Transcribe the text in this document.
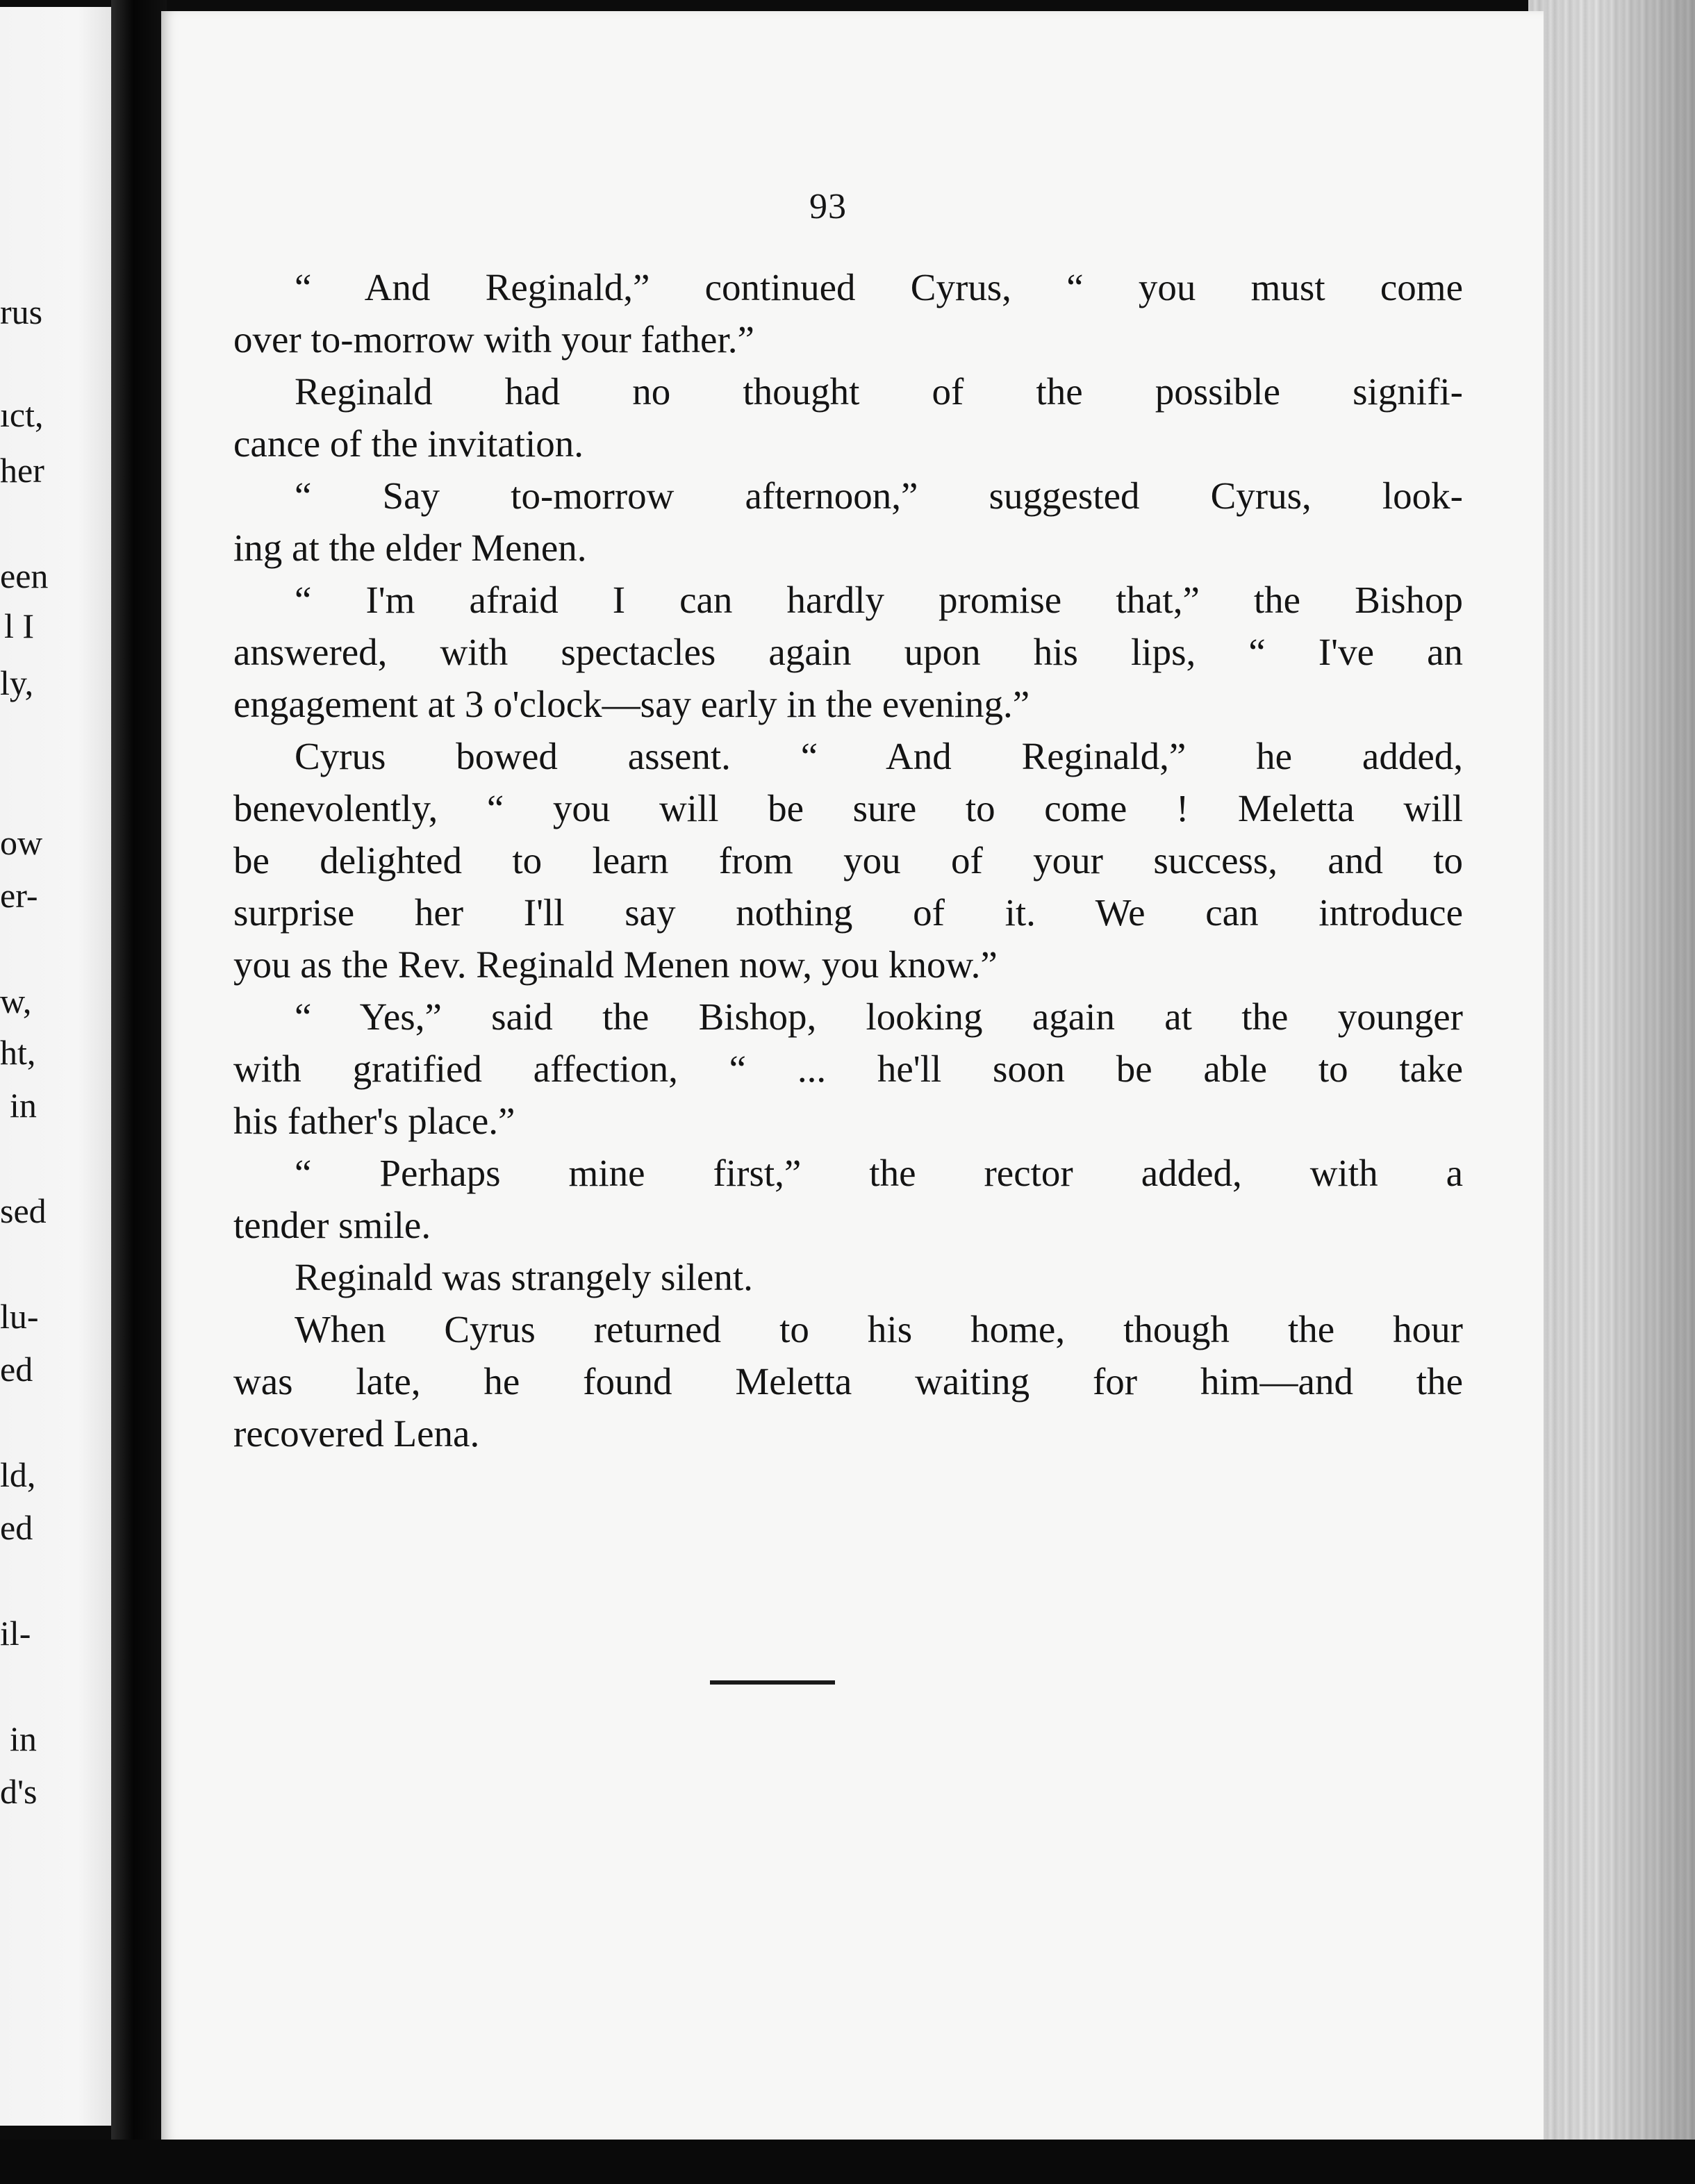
rus
ıct,
her
een
l I
ly,
ow
er-
w,
ht,
in
sed
lu-
ed
ld,
ed
il-
in
d's
93
“ And Reginald,” continued Cyrus, “ you must come
over to-morrow with your father.”
Reginald had no thought of the possible signifi-
cance of the invitation.
“ Say to-morrow afternoon,” suggested Cyrus, look-
ing at the elder Menen.
“ I'm afraid I can hardly promise that,” the Bishop
answered, with spectacles again upon his lips, “ I've an
engagement at 3 o'clock—say early in the evening.”
Cyrus bowed assent. “ And Reginald,” he added,
benevolently, “ you will be sure to come ! Meletta will
be delighted to learn from you of your success, and to
surprise her I'll say nothing of it. We can introduce
you as the Rev. Reginald Menen now, you know.”
“ Yes,” said the Bishop, looking again at the younger
with gratified affection, “ ... he'll soon be able to take
his father's place.”
“ Perhaps mine first,” the rector added, with a
tender smile.
Reginald was strangely silent.
When Cyrus returned to his home, though the hour
was late, he found Meletta waiting for him—and the
recovered Lena.
